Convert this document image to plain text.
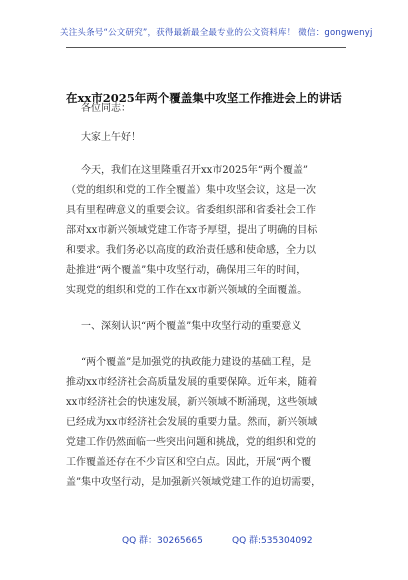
关注头条号“公文研究”，获得最新最全最专业的公文资料库！ 微信：gongwenyj
在xx市2025年两个覆盖集中攻坚工作推进会上的讲话
各位同志：
大家上午好！
今天，我们在这里隆重召开xx市2025年“两个覆盖”
（党的组织和党的工作全覆盖）集中攻坚会议，这是一次
具有里程碑意义的重要会议。省委组织部和省委社会工作
部对xx市新兴领域党建工作寄予厚望，提出了明确的目标
和要求。我们务必以高度的政治责任感和使命感，全力以
赴推进“两个覆盖”集中攻坚行动，确保用三年的时间，
实现党的组织和党的工作在xx市新兴领域的全面覆盖。
一、深刻认识“两个覆盖”集中攻坚行动的重要意义
“两个覆盖”是加强党的执政能力建设的基础工程，是
推动xx市经济社会高质量发展的重要保障。近年来，随着
xx市经济社会的快速发展，新兴领域不断涌现，这些领域
已经成为xx市经济社会发展的重要力量。然而，新兴领域
党建工作仍然面临一些突出问题和挑战，党的组织和党的
工作覆盖还存在不少盲区和空白点。因此，开展“两个覆
盖”集中攻坚行动，是加强新兴领域党建工作的迫切需要，
QQ 群：30265665	QQ 群:535304092
